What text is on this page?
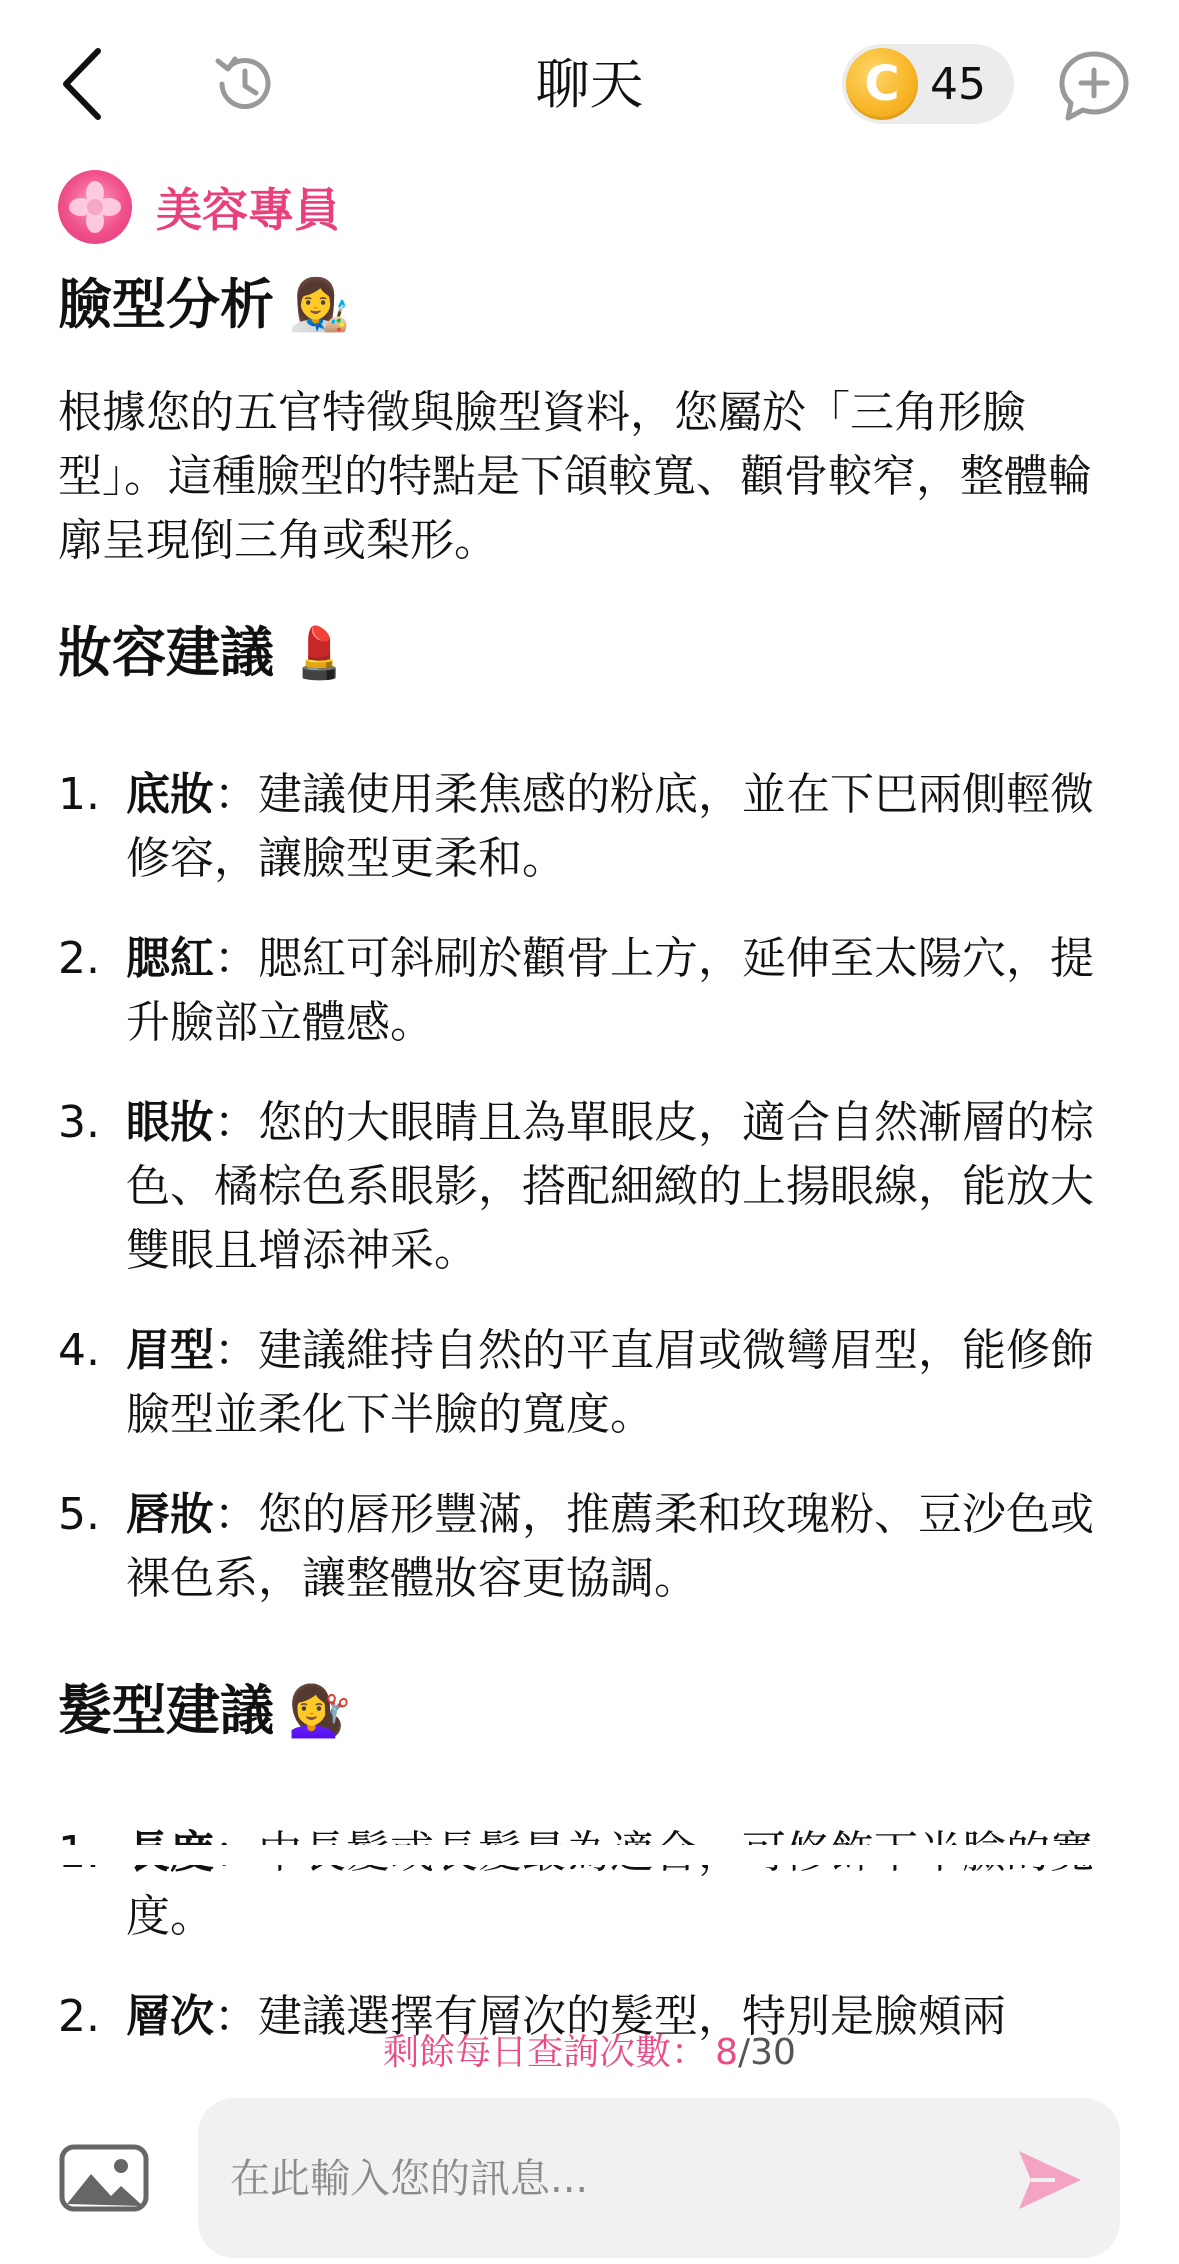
聊天	C 45
美容專員
臉型分析 👩‍🎨

根據您的五官特徵與臉型資料，您屬於「三角形臉型」。這種臉型的特點是下頜較寬、顴骨較窄，整體輪廓呈現倒三角或梨形。

妝容建議 💄
1. 底妝：建議使用柔焦感的粉底，並在下巴兩側輕微修容，讓臉型更柔和。
2. 腮紅：腮紅可斜刷於顴骨上方，延伸至太陽穴，提升臉部立體感。
3. 眼妝：您的大眼睛且為單眼皮，適合自然漸層的棕色、橘棕色系眼影，搭配細緻的上揚眼線，能放大雙眼且增添神采。
4. 眉型：建議維持自然的平直眉或微彎眉型，能修飾臉型並柔化下半臉的寬度。
5. 唇妝：您的唇形豐滿，推薦柔和玫瑰粉、豆沙色或裸色系，讓整體妝容更協調。
髮型建議 💇‍♀️
度。
2. 層次：建議選擇有層次的髮型，特別是臉頰兩
剩餘每日查詢次數： 8/30
在此輸入您的訊息...
